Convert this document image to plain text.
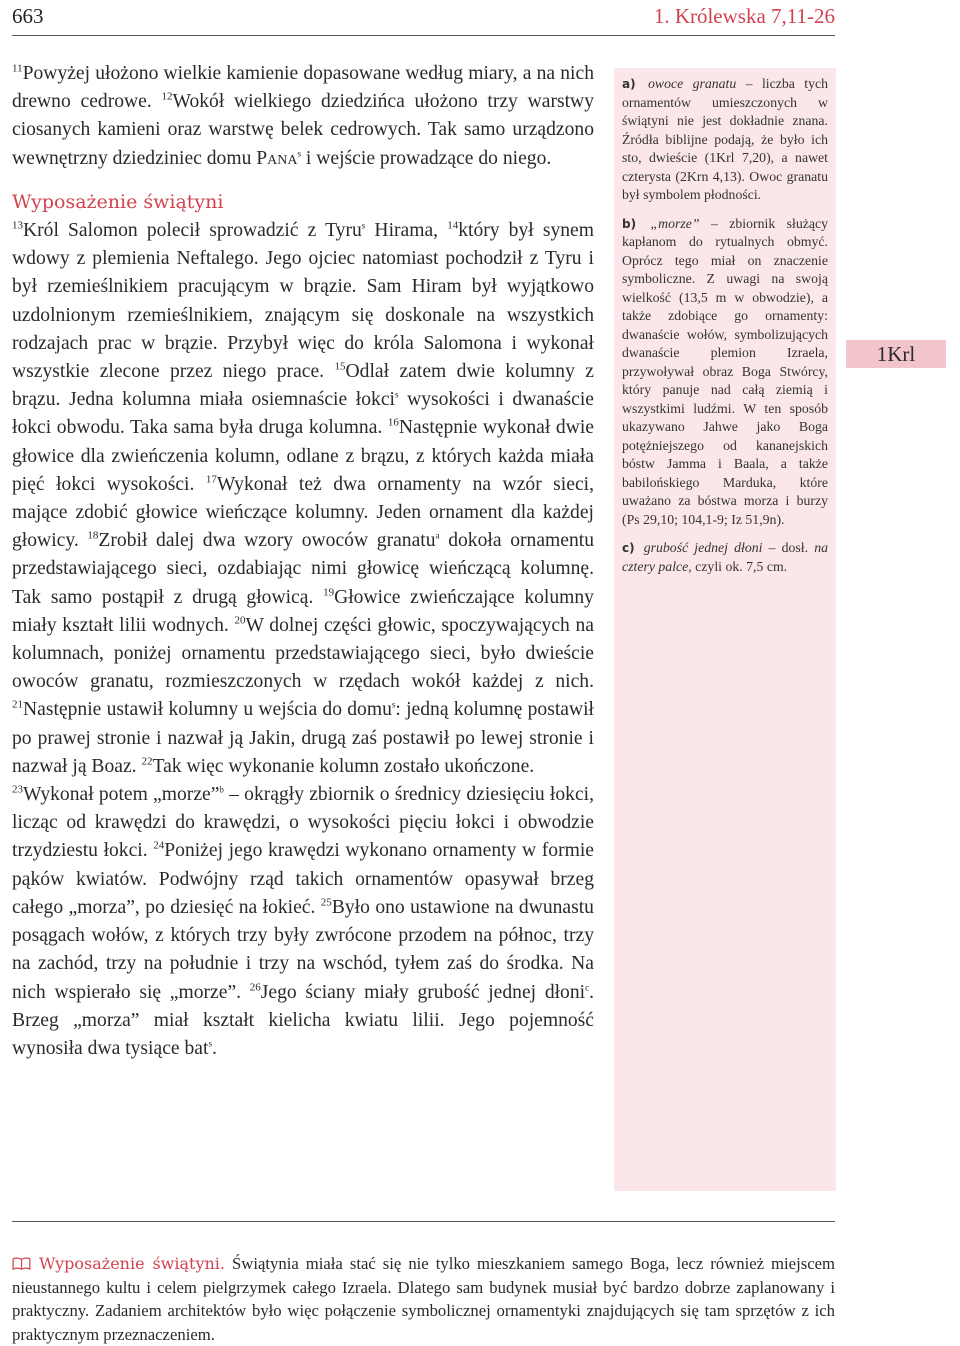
663	1. Królewska 7,11-26

$^{11}$Powyżej ułożono wielkie kamienie dopasowane według miary, a na nich drewno cedrowe. $^{12}$Wokół wielkiego dziedzińca ułożono trzy warstwy ciosanych kamieni oraz warstwę belek cedrowych. Tak samo urządzono wewnętrzny dziedziniec domu Pana$^s$ i wejście prowadzące do niego.

Wyposażenie świątyni

$^{13}$Król Salomon polecił sprowadzić z Tyru$^s$ Hirama, $^{14}$który był synem wdowy z plemienia Neftalego. Jego ojciec natomiast pochodził z Tyru i był rzemieślnikiem pracującym w brązie. Sam Hiram był wyjątkowo uzdolnionym rzemieślnikiem, znającym się doskonale na wszystkich rodzajach prac w brązie. Przybył więc do króla Salomona i wykonał wszystkie zlecone przez niego prace. $^{15}$Odlał zatem dwie kolumny z brązu. Jedna kolumna miała osiemnaście łokci$^s$ wysokości i dwanaście łokci obwodu. Taka sama była druga kolumna. $^{16}$Następnie wykonał dwie głowice dla zwieńczenia kolumn, odlane z brązu, z których każda miała pięć łokci wysokości. $^{17}$Wykonał też dwa ornamenty na wzór sieci, mające zdobić głowice wieńczące kolumny. Jeden ornament dla każdej głowicy. $^{18}$Zrobił dalej dwa wzory owoców granatu$^a$ dokoła ornamentu przedstawiającego sieci, ozdabiając nimi głowicę wieńczącą kolumnę. Tak samo postąpił z drugą głowicą. $^{19}$Głowice zwieńczające kolumny miały kształt lilii wodnych. $^{20}$W dolnej części głowic, spoczywających na kolumnach, poniżej ornamentu przedstawiającego sieci, było dwieście owoców granatu, rozmieszczonych w rzędach wokół każdej z nich. $^{21}$Następnie ustawił kolumny u wejścia do domu$^s$: jedną kolumnę postawił po prawej stronie i nazwał ją Jakin, drugą zaś postawił po lewej stronie i nazwał ją Boaz. $^{22}$Tak więc wykonanie kolumn zostało ukończone.

$^{23}$Wykonał potem „morze”$^b$ – okrągły zbiornik o średnicy dziesięciu łokci, licząc od krawędzi do krawędzi, o wysokości pięciu łokci i obwodzie trzydziestu łokci. $^{24}$Poniżej jego krawędzi wykonano ornamenty w formie pąków kwiatów. Podwójny rząd takich ornamentów opasywał brzeg całego „morza”, po dziesięć na łokieć. $^{25}$Było ono ustawione na dwunastu posągach wołów, z których trzy były zwrócone przodem na północ, trzy na zachód, trzy na południe i trzy na wschód, tyłem zaś do środka. Na nich wspierało się „morze”. $^{26}$Jego ściany miały grubość jednej dłoni$^c$. Brzeg „morza” miał kształt kielicha kwiatu lilii. Jego pojemność wynosiła dwa tysiące bat$^s$.

a) owoce granatu – liczba tych ornamentów umieszczonych w świątyni nie jest dokładnie znana. Źródła biblijne podają, że było ich sto, dwieście (1Krl 7,20), a nawet czterysta (2Krn 4,13). Owoc granatu był symbolem płodności.

b) „morze” – zbiornik służący kapłanom do rytualnych obmyć. Oprócz tego miał on znaczenie symboliczne. Z uwagi na swoją wielkość (13,5 m w obwodzie), a także zdobiące go ornamenty: dwanaście wołów, symbolizujących dwanaście plemion Izraela, przywoływał obraz Boga Stwórcy, który panuje nad całą ziemią i wszystkimi ludźmi. W ten sposób ukazywano Jahwe jako Boga potężniejszego od kananejskich bóstw Jamma i Baala, a także babilońskiego Marduka, które uważano za bóstwa morza i burzy (Ps 29,10; 104,1-9; Iz 51,9n).

c) grubość jednej dłoni – dosł. na cztery palce, czyli ok. 7,5 cm.

1Krl

Wyposażenie świątyni. Świątynia miała stać się nie tylko mieszkaniem samego Boga, lecz również miejscem nieustannego kultu i celem pielgrzymek całego Izraela. Dlatego sam budynek musiał być bardzo dobrze zaplanowany i praktyczny. Zadaniem architektów było więc połączenie symbolicznej ornamentyki znajdujących się tam sprzętów z ich praktycznym przeznaczeniem.
